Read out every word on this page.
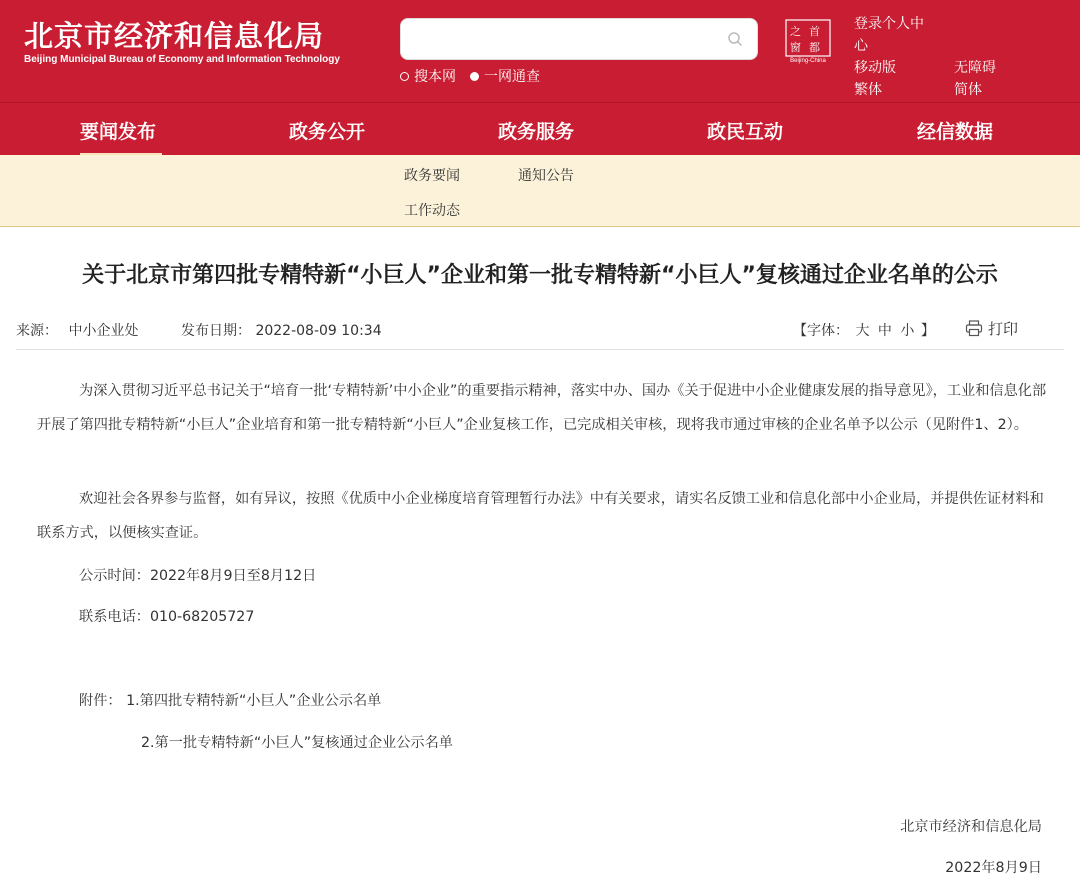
北京市经济和信息化局
Beijing Municipal Bureau of Economy and Information Technology
搜本网 一网通查
之 首
窗 都
Beijing-China
登录个人中
心
移动版	无障碍
繁体	简体
要闻发布	政务公开	政务服务	政民互动	经信数据
政务要闻	通知公告
工作动态
关于北京市第四批专精特新“小巨人”企业和第一批专精特新“小巨人”复核通过企业名单的公示
来源： 中小企业处	发布日期： 2022-08-09 10:34	【字体： 大 中 小 】	打印
为深入贯彻习近平总书记关于“培育一批‘专精特新’中小企业”的重要指示精神，落实中办、国办《关于促进中小企业健康发展的指导意见》，工业和信息化部开展了第四批专精特新“小巨人”企业培育和第一批专精特新“小巨人”企业复核工作，已完成相关审核，现将我市通过审核的企业名单予以公示（见附件1、2）。
欢迎社会各界参与监督，如有异议，按照《优质中小企业梯度培育管理暂行办法》中有关要求，请实名反馈工业和信息化部中小企业局，并提供佐证材料和联系方式，以便核实查证。
公示时间：2022年8月9日至8月12日
联系电话：010-68205727
附件： 1.第四批专精特新“小巨人”企业公示名单
2.第一批专精特新“小巨人”复核通过企业公示名单
北京市经济和信息化局
2022年8月9日
